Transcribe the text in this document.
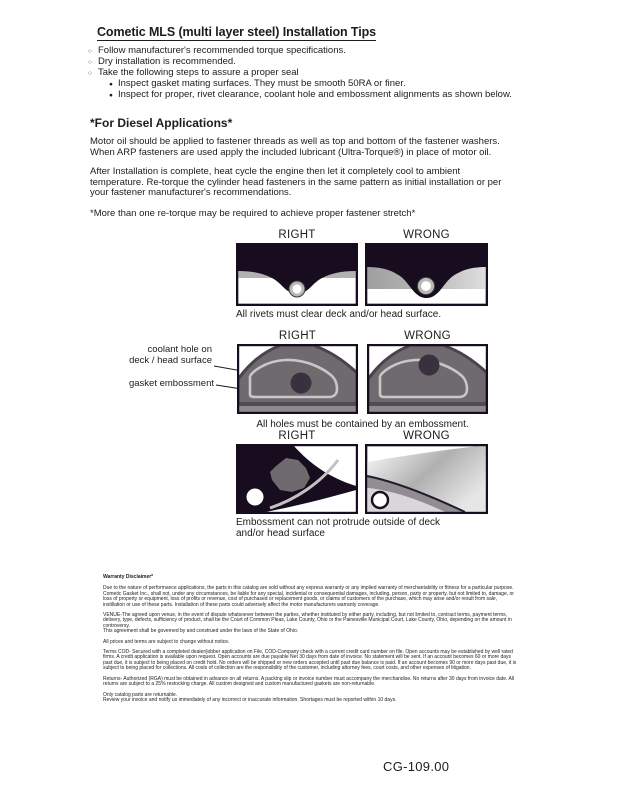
Cometic MLS (multi layer steel) Installation Tips
○ Follow manufacturer's recommended torque specifications.
○ Dry installation is recommended.
○ Take the following steps to assure a proper seal
● Inspect gasket mating surfaces. They must be smooth 50RA or finer.
● Inspect for proper, rivet clearance, coolant hole and embossment alignments as shown below.
*For Diesel Applications*

Motor oil should be applied to fastener threads as well as top and bottom of the fastener washers. When ARP fasteners are used apply the included lubricant (Ultra-Torque®) in place of motor oil.

After Installation is complete, heat cycle the engine then let it completely cool to ambient temperature. Re-torque the cylinder head fasteners in the same pattern as initial installation or per your fastener manufacturer's recommendations.

*More than one re-torque may be required to achieve proper fastener stretch*

RIGHT	WRONG
All rivets must clear deck and/or head surface.
coolant hole on
deck / head surface
gasket embossment
RIGHT	WRONG
All holes must be contained by an embossment.
RIGHT	WRONG
Embossment can not protrude outside of deck
and/or head surface
Warranty Disclaimer*

Due to the nature of performance applications, the parts in this catalog are sold without any express warranty or any implied warranty of merchantability or fitness for a particular purpose. Cometic Gasket Inc., shall not, under any circumstances, be liable for any special, incidental or consequential damages, including, person, party or property, but not limited to, damage, or loss of property or equipment, loss of profits or revenue, cost of purchased or replacement goods, or claims of customers of the purchase, which may arise and/or result from sale, instillation or use of these parts. Installation of these parts could adversely affect the motor manufacturers warranty coverage.

VENUE-The agreed upon venue, in the event of dispute whatsoever between the parties, whether instituted by either party, including, but not limited to, contract terms, payment terms, delivery, type, defects, sufficiency of product, shall be the Court of Common Pleas, Lake County, Ohio or the Painesville Municipal Court, Lake County, Ohio, depending on the amount in controversy.

This agreement shall be governed by and construed under the laws of the State of Ohio.

All prices and terms are subject to change without notice.

Terms COD- Secured with a completed dealer/jobber application on File, COD-Company check with a current credit card number on file. Open accounts may be established by well rated firms. A credit application is available upon request. Open accounts are due payable Net 30 days from date of invoice. No statement will be sent. If an account becomes 60 or more days past due, it is subject to being placed on credit hold. No orders will be shipped or new orders accepted until past due balance is paid. If an account becomes 90 or more days past due, it is subject to being placed for collections. All costs of collection are the responsibility of the customer, including attorney fees, court costs, and other expenses of litigation.

Returns- Authorized (RGA) must be obtained in advance on all returns. A packing slip or invoice number must accompany the merchandise. No returns after 30 days from invoice date. All returns are subject to a 25% restocking charge. All custom designed and custom manufactured gaskets are non-returnable.

Only catalog parts are returnable.

Review your invoice and notify us immediately of any incorrect or inaccurate information. Shortages must be reported within 10 days.

CG-109.00
